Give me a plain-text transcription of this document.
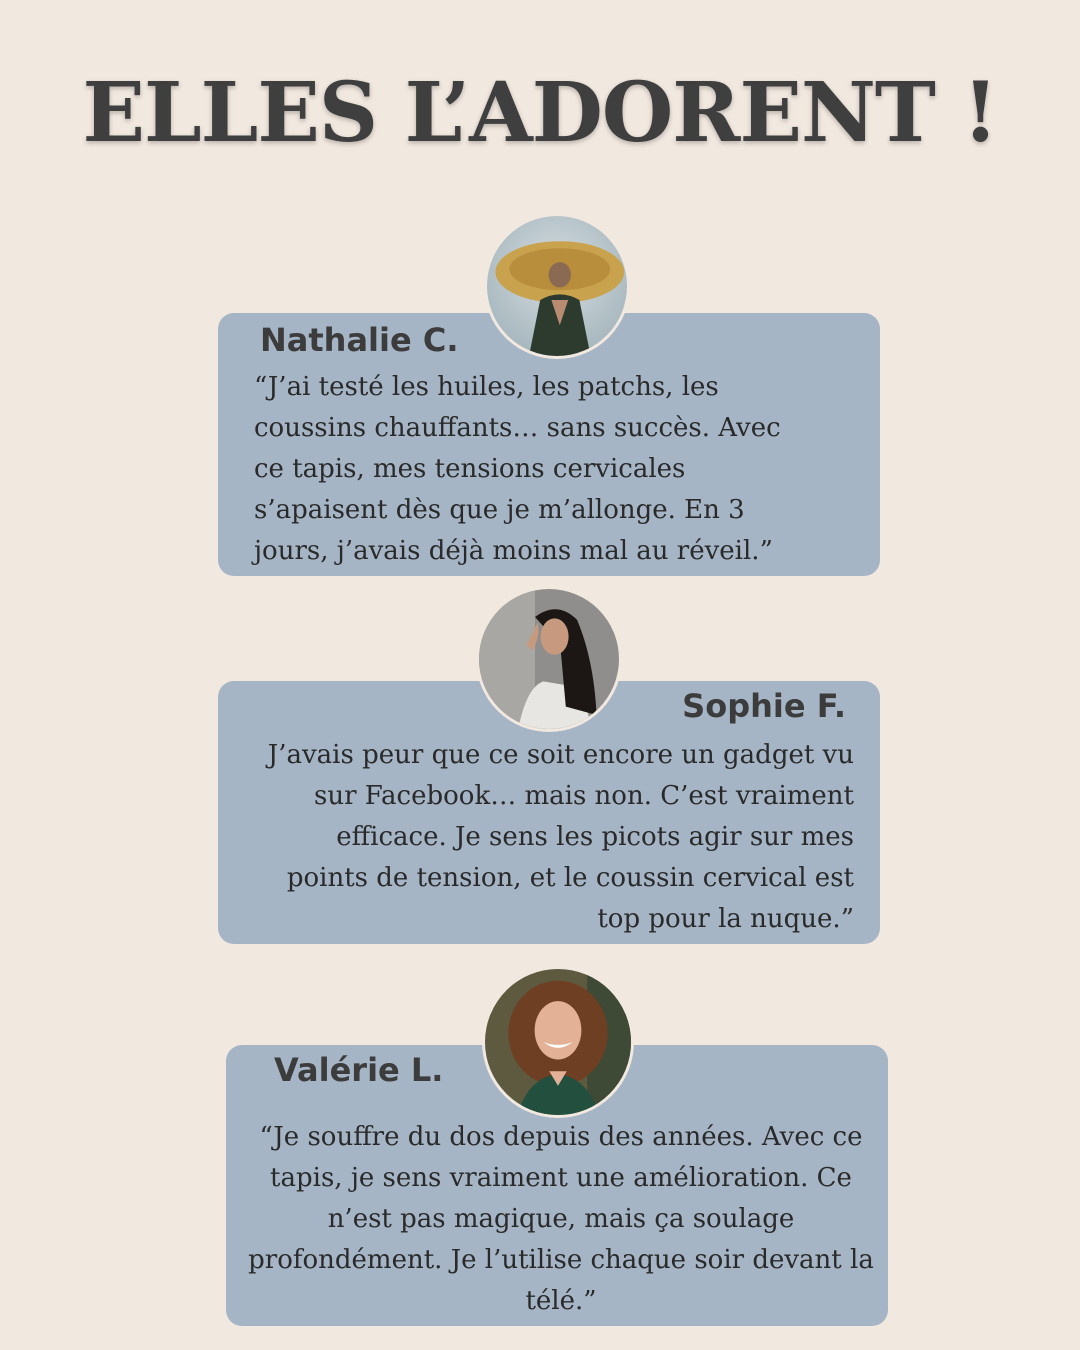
ELLES L’ADORENT !
Nathalie C.
“J’ai testé les huiles, les patchs, les
coussins chauffants… sans succès. Avec
ce tapis, mes tensions cervicales
s’apaisent dès que je m’allonge. En 3
jours, j’avais déjà moins mal au réveil.”
Sophie F.
J’avais peur que ce soit encore un gadget vu
sur Facebook… mais non. C’est vraiment
efficace. Je sens les picots agir sur mes
points de tension, et le coussin cervical est
top pour la nuque.”
Valérie L.
“Je souffre du dos depuis des années. Avec ce
tapis, je sens vraiment une amélioration. Ce
n’est pas magique, mais ça soulage
profondément. Je l’utilise chaque soir devant la
télé.”
